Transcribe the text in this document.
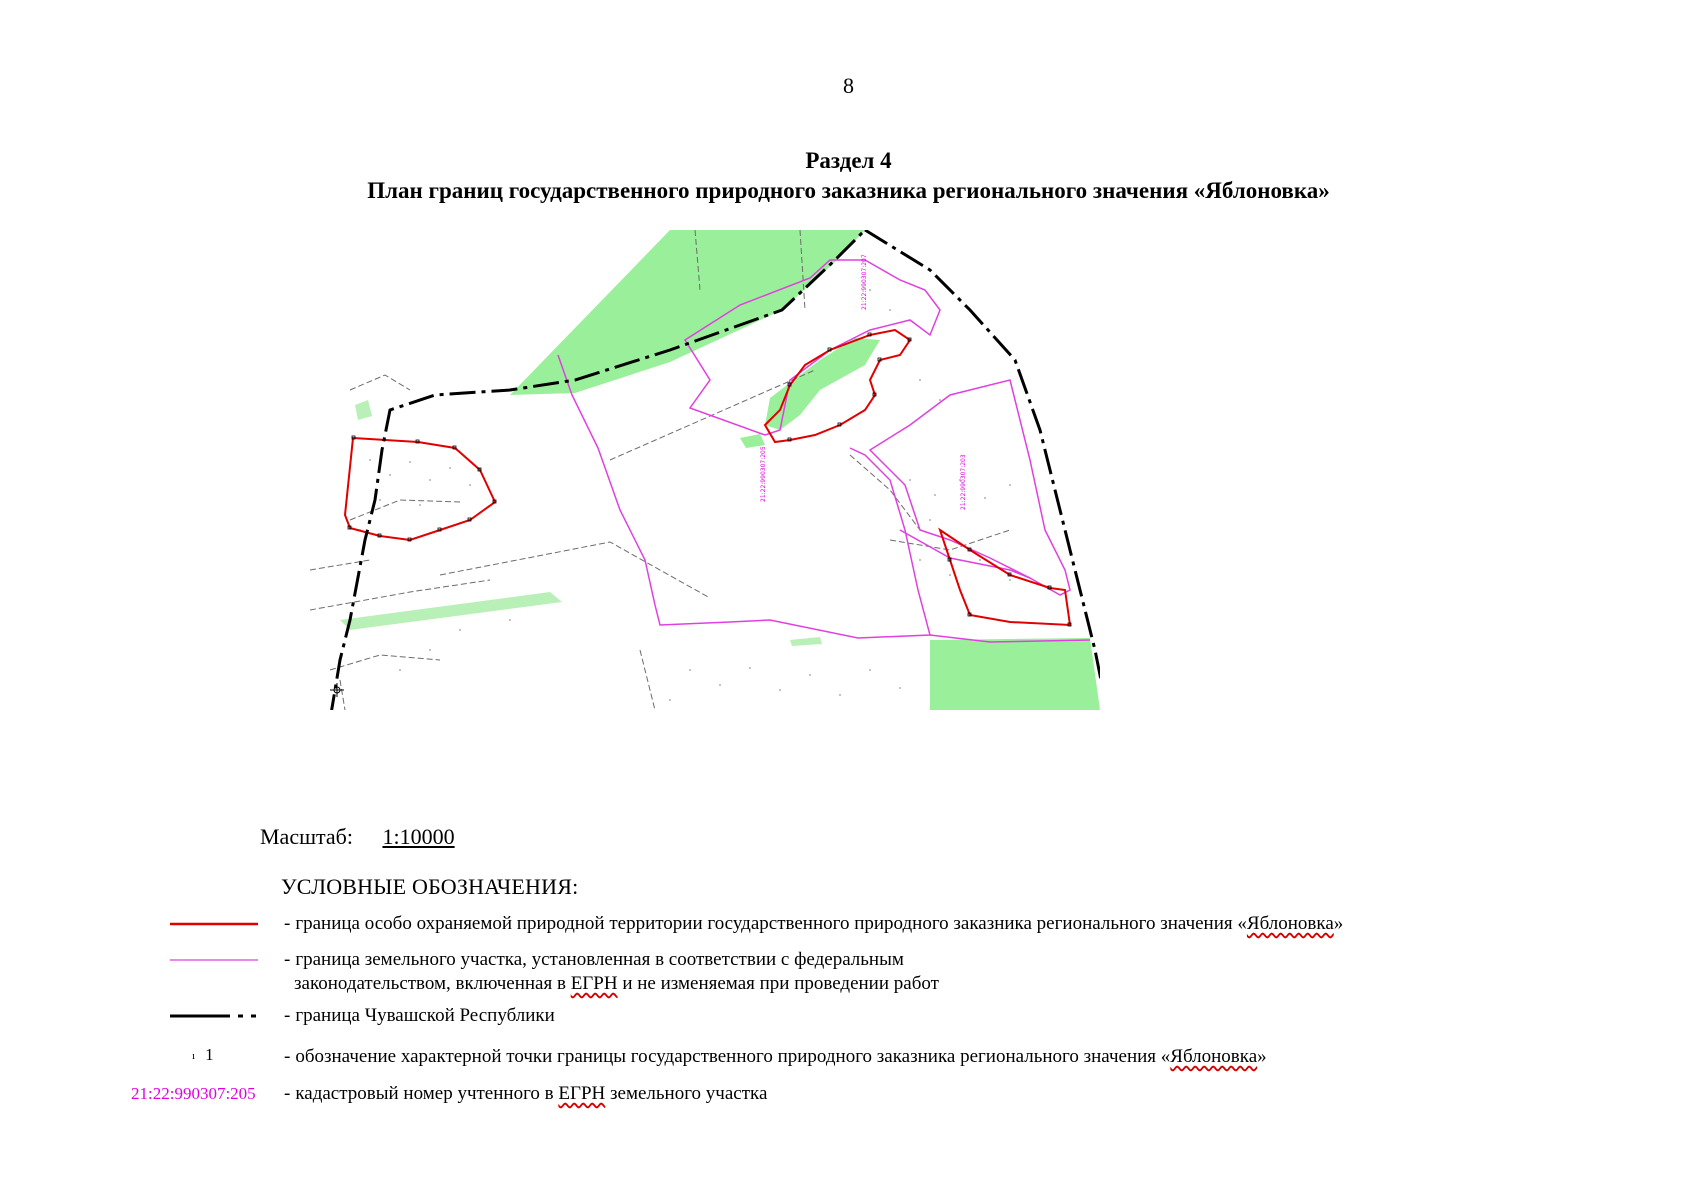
8
Раздел 4
План границ государственного природного заказника регионального значения «Яблоновка»
21:22:990307:207
21:22:990307:205	21:22:990307:203
Масштаб: 1:10000
УСЛОВНЫЕ ОБОЗНАЧЕНИЯ:
- граница особо охраняемой природной территории государственного природного заказника регионального значения «Яблоновка»
- граница земельного участка, установленная в соответствии с федеральным
законодательством, включенная в ЕГРН и не изменяемая при проведении работ
- граница Чувашской Республики
ı 1	- обозначение характерной точки границы государственного природного заказника регионального значения «Яблоновка»
21:22:990307:205 - кадастровый номер учтенного в ЕГРН земельного участка
